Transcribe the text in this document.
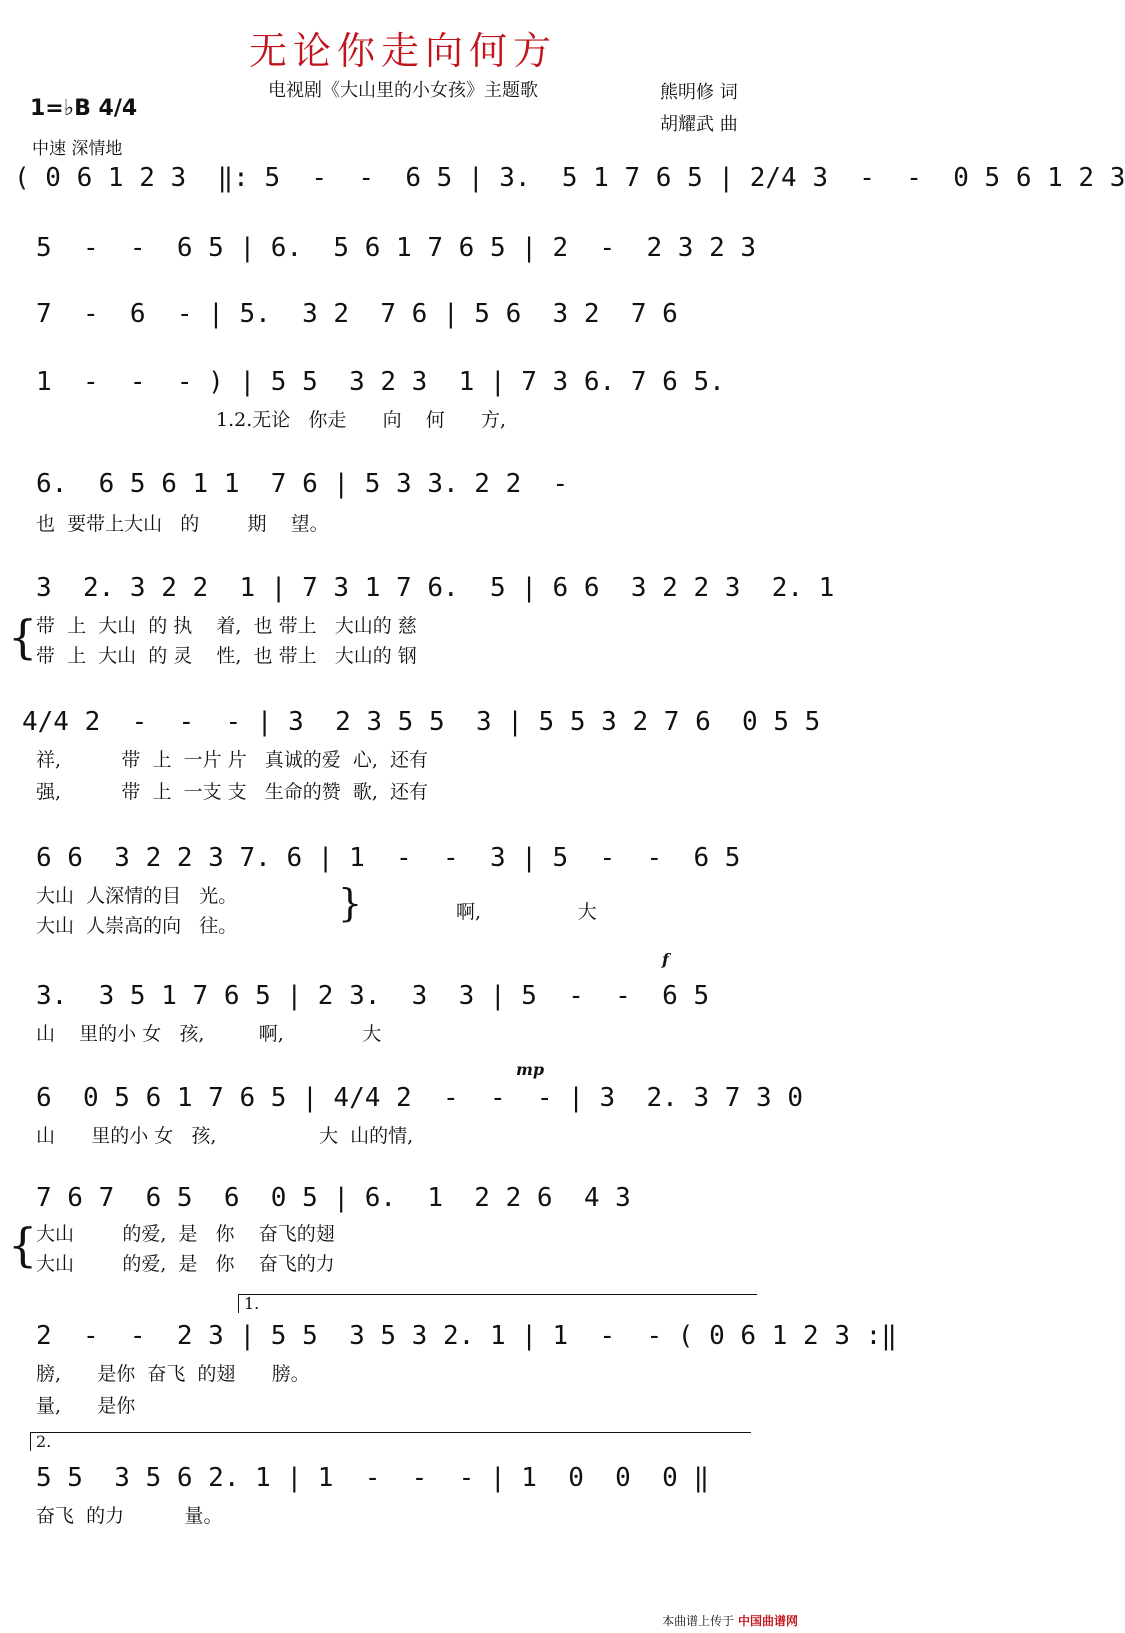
无论你走向何方
电视剧《大山里的小女孩》主题歌
1=♭B 4/4
中速 深情地
熊明修 词
胡耀武 曲
( 0 6 1 2 3  ‖: 5  -  -  6 5 | 3.  5 1 7 6 5 | 2/4 3  -  -  0 5 6 1 2 3
5  -  -  6 5 | 6.  5 6 1 7 6 5 | 2  -  2 3 2 3
7  -  6  - | 5.  3 2  7 6 | 5 6  3 2  7 6
1  -  -  - ) | 5 5  3 2 3  1 | 7 3 6. 7 6 5.
1.2.无论   你走      向    何      方,
6.  6 5 6 1 1  7 6 | 5 3 3. 2 2  -
也  要带上大山   的        期    望。
3  2. 3 2 2  1 | 7 3 1 7 6.  5 | 6 6  3 2 2 3  2. 1
{
带  上  大山  的 执    着,  也 带上   大山的 慈
带  上  大山  的 灵    性,  也 带上   大山的 钢
4/4 2  -  -  - | 3  2 3 5 5  3 | 5 5 3 2 7 6  0 5 5
祥,          带  上  一片 片   真诚的爱  心,  还有
强,          带  上  一支 支   生命的赞  歌,  还有
6 6  3 2 2 3 7. 6 | 1  -  -  3 | 5  -  -  6 5
大山  人深情的目   光。
大山  人崇高的向   往。
}	啊,                大
3.  3 5 1 7 6 5 | 2 3.  3  3 | 5  -  -  6 5
f
山    里的小 女   孩,         啊,             大
6  0 5 6 1 7 6 5 | 4/4 2  -  -  - | 3  2. 3 7 3 0
mp
山      里的小 女   孩,                 大  山的情,
7 6 7  6 5  6  0 5 | 6.  1  2 2 6  4 3
{
大山        的爱,  是   你    奋飞的翅
大山        的爱,  是   你    奋飞的力
1.
2  -  -  2 3 | 5 5  3 5 3 2. 1 | 1  -  - ( 0 6 1 2 3 :‖
膀,      是你  奋飞  的翅      膀。
量,      是你
2.
5 5  3 5 6 2. 1 | 1  -  -  - | 1  0  0  0 ‖
奋飞  的力          量。
本曲谱上传于 中国曲谱网
